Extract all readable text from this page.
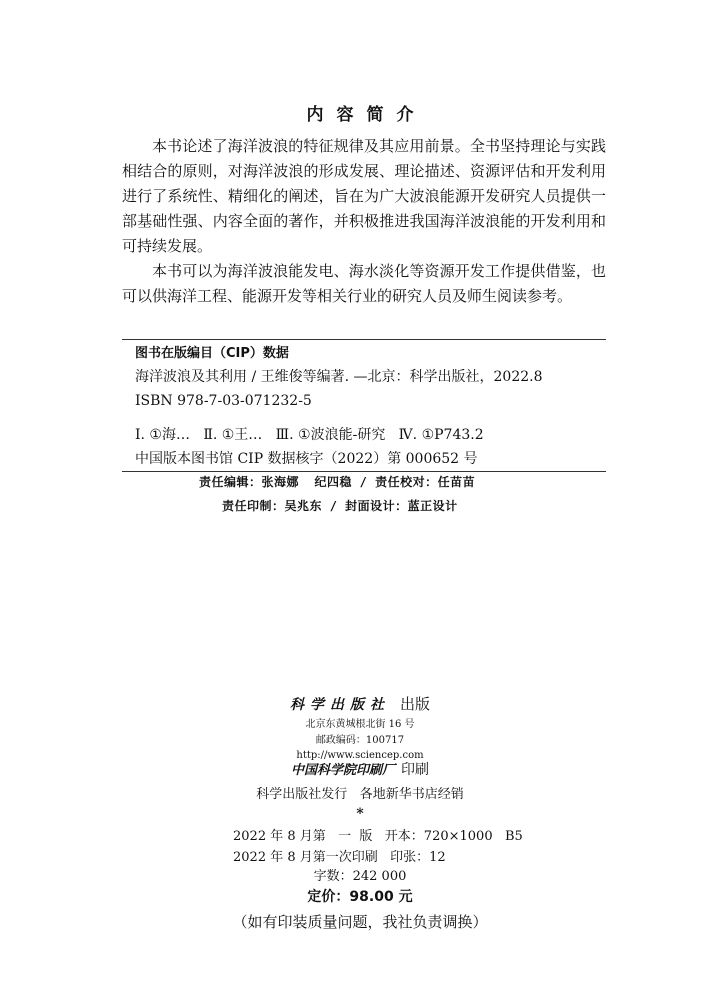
内容简介

本书论述了海洋波浪的特征规律及其应用前景。全书坚持理论与实践相结合的原则，对海洋波浪的形成发展、理论描述、资源评估和开发利用进行了系统性、精细化的阐述，旨在为广大波浪能源开发研究人员提供一部基础性强、内容全面的著作，并积极推进我国海洋波浪能的开发利用和可持续发展。

本书可以为海洋波浪能发电、海水淡化等资源开发工作提供借鉴，也可以供海洋工程、能源开发等相关行业的研究人员及师生阅读参考。

图书在版编目（CIP）数据
海洋波浪及其利用 / 王维俊等编著. —北京：科学出版社，2022.8
ISBN 978-7-03-071232-5
Ⅰ. ①海…   Ⅱ. ①王…   Ⅲ. ①波浪能-研究   Ⅳ. ①P743.2
中国版本图书馆 CIP 数据核字（2022）第 000652 号
责任编辑：张海娜  纪四稳 / 责任校对：任苗苗
责任印制：吴兆东 / 封面设计：蓝正设计
科学出版社 出版
北京东黄城根北街 16 号
邮政编码：100717
http://www.sciencep.com
中国科学院印刷厂 印刷
科学出版社发行   各地新华书店经销
*
2022 年 8 月第   一  版   开本：720×1000   B5
2022 年 8 月第一次印刷   印张：12
字数：242 000
定价：98.00 元
（如有印装质量问题，我社负责调换）
